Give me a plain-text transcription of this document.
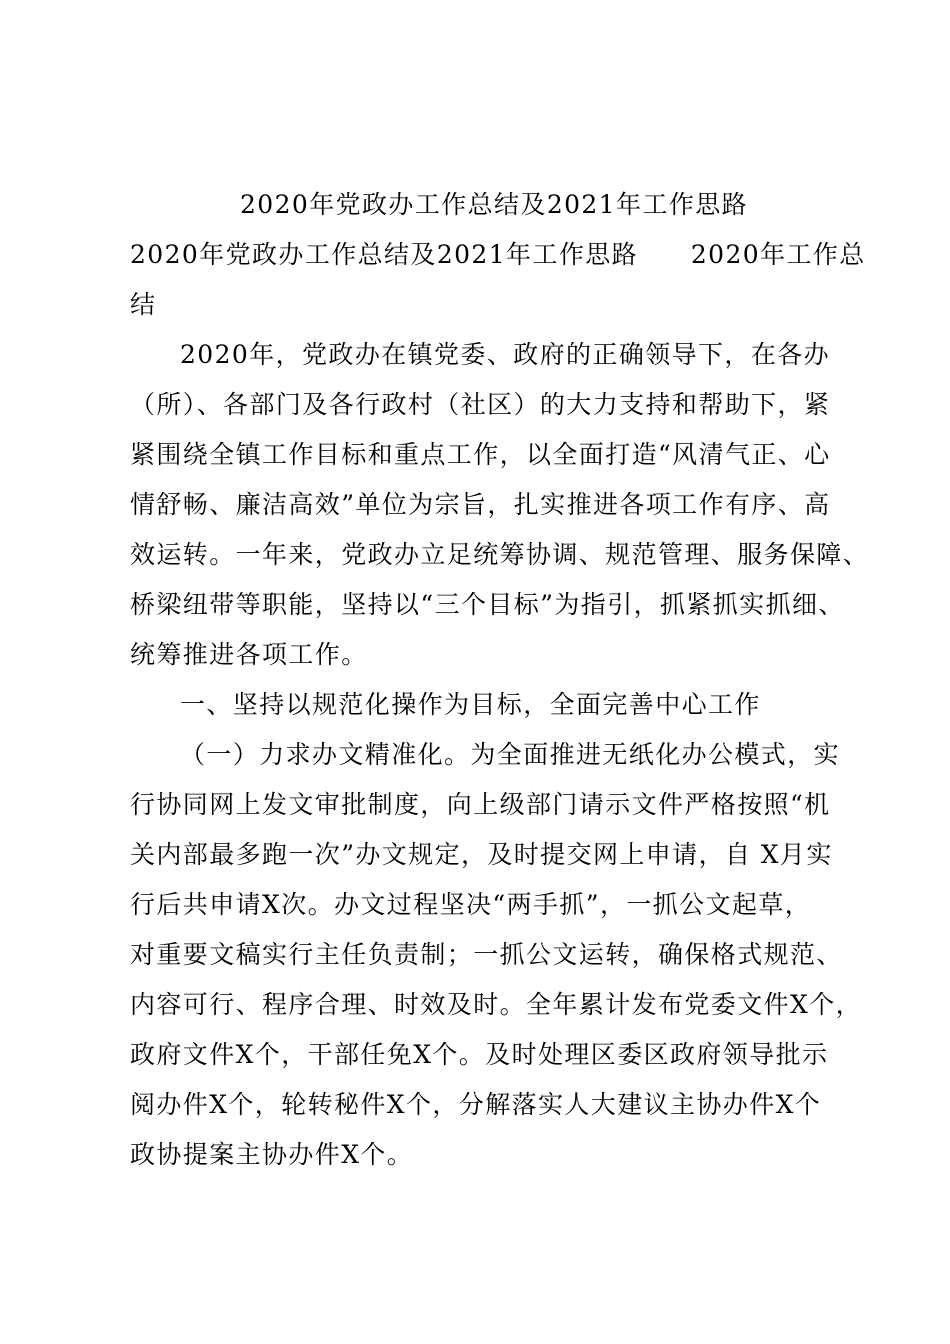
2020年党政办工作总结及2021年工作思路
2020年党政办工作总结及2021年工作思路　　2020年工作总
结
2020年，党政办在镇党委、政府的正确领导下，在各办
（所）、各部门及各行政村（社区）的大力支持和帮助下，紧
紧围绕全镇工作目标和重点工作，以全面打造“风清气正、心
情舒畅、廉洁高效”单位为宗旨，扎实推进各项工作有序、高
效运转。一年来，党政办立足统筹协调、规范管理、服务保障、
桥梁纽带等职能，坚持以“三个目标”为指引，抓紧抓实抓细、
统筹推进各项工作。
一、坚持以规范化操作为目标，全面完善中心工作
（一）力求办文精准化。为全面推进无纸化办公模式，实
行协同网上发文审批制度，向上级部门请示文件严格按照“机
关内部最多跑一次”办文规定，及时提交网上申请，自 X月实
行后共申请X次。办文过程坚决“两手抓”，一抓公文起草，
对重要文稿实行主任负责制；一抓公文运转，确保格式规范、
内容可行、程序合理、时效及时。全年累计发布党委文件X个，
政府文件X个，干部任免X个。及时处理区委区政府领导批示
阅办件X个，轮转秘件X个，分解落实人大建议主协办件X个
政协提案主协办件X个。
